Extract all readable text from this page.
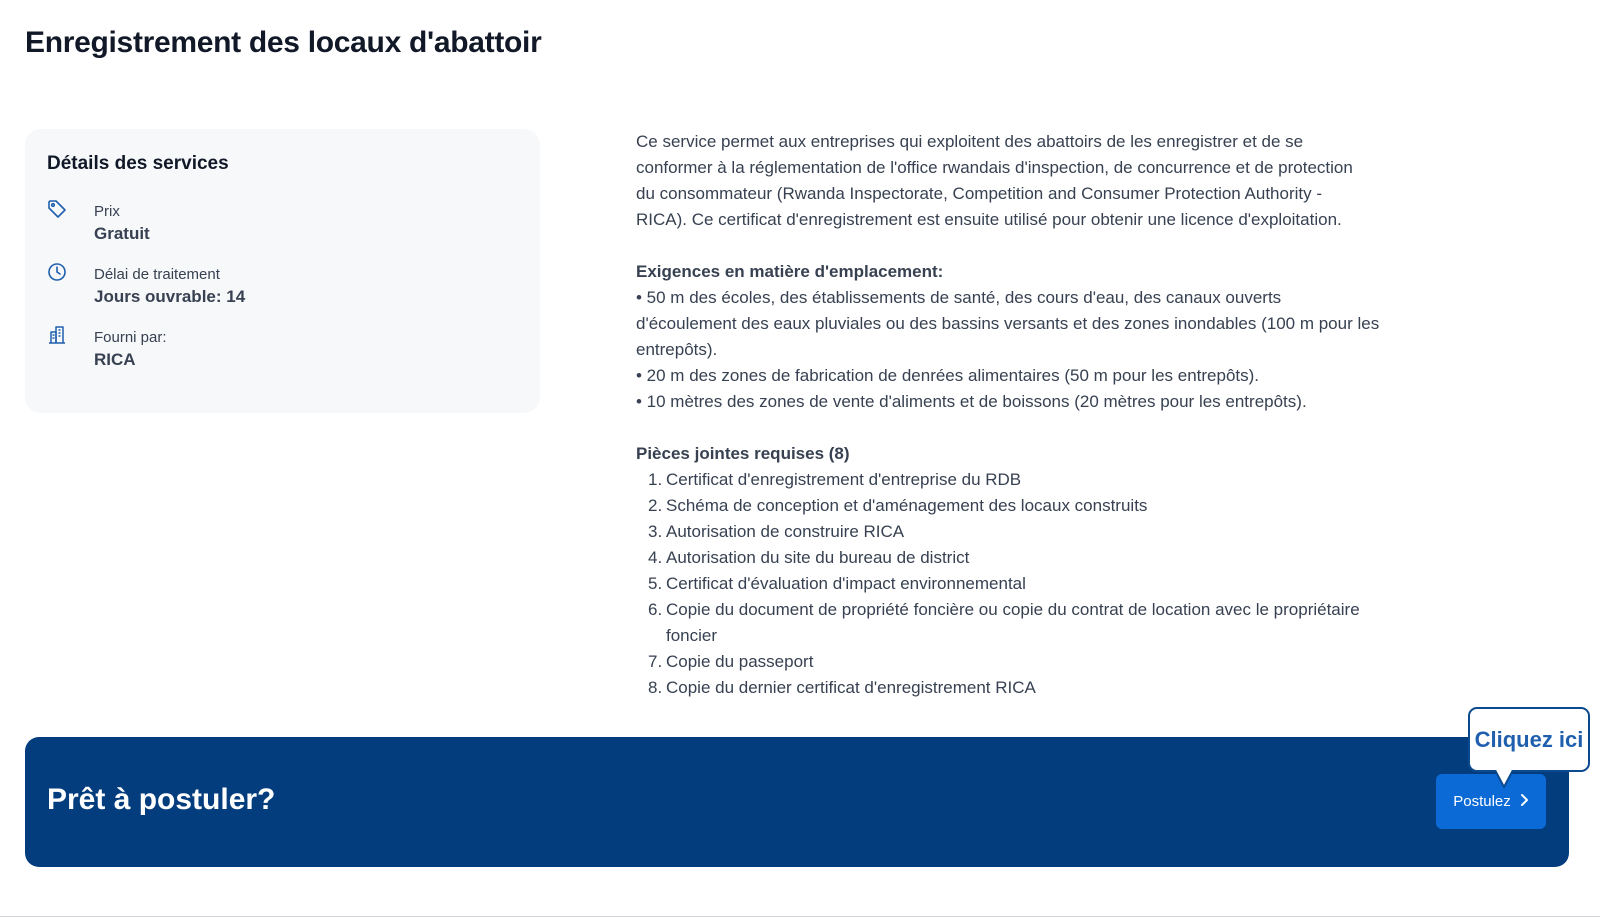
Enregistrement des locaux d'abattoir
Détails des services
Prix
Gratuit
Délai de traitement
Jours ouvrable: 14
Fourni par:
RICA

Ce service permet aux entreprises qui exploitent des abattoirs de les enregistrer et de se

conformer à la réglementation de l'office rwandais d'inspection, de concurrence et de protection

du consommateur (Rwanda Inspectorate, Competition and Consumer Protection Authority -

RICA). Ce certificat d'enregistrement est ensuite utilisé pour obtenir une licence d'exploitation.

Exigences en matière d'emplacement:

• 50 m des écoles, des établissements de santé, des cours d'eau, des canaux ouverts

d'écoulement des eaux pluviales ou des bassins versants et des zones inondables (100 m pour les

entrepôts).

• 20 m des zones de fabrication de denrées alimentaires (50 m pour les entrepôts).

• 10 mètres des zones de vente d'aliments et de boissons (20 mètres pour les entrepôts).

Pièces jointes requises (8)

1. Certificat d'enregistrement d'entreprise du RDB
2. Schéma de conception et d'aménagement des locaux construits
3. Autorisation de construire RICA
4. Autorisation du site du bureau de district
5. Certificat d'évaluation d'impact environnemental
6. Copie du document de propriété foncière ou copie du contrat de location avec le propriétaire
foncier
7. Copie du passeport
8. Copie du dernier certificat d'enregistrement RICA
Prêt à postuler?	Postulez
Cliquez ici
